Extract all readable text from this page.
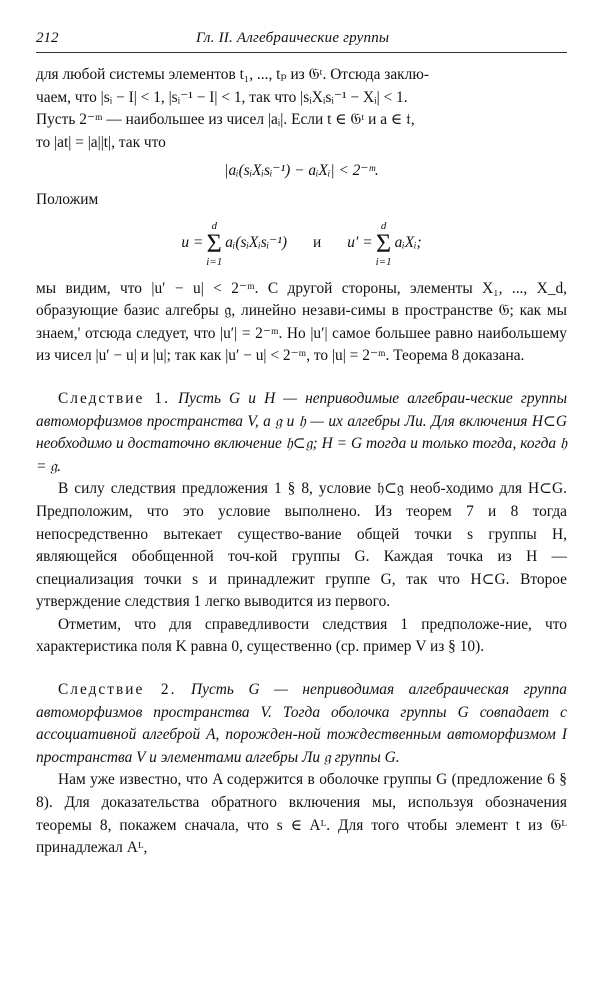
212	Гл. II. Алгебраические группы

для любой системы элементов t₁, ..., tₚ из 𝔊ᵗ. Отсюда заклю-

чаем, что |sᵢ − I| < 1, |sᵢ⁻¹ − I| < 1, так что |sᵢXᵢsᵢ⁻¹ − Xᵢ| < 1.

Пусть 2⁻ᵐ — наибольшее из чисел |aᵢ|. Если t ∈ 𝔊ᵗ и a ∈ 𝔱,

то |at| = |a||t|, так что

|aᵢ(sᵢXᵢsᵢ⁻¹) − aᵢXᵢ| < 2⁻ᵐ.

Положим

u =
d
Σ
i=1
aᵢ(sᵢXᵢsᵢ⁻¹) и u′ =
d
Σ
i=1
aᵢXᵢ;

мы видим, что |u′ − u| < 2⁻ᵐ. С другой стороны, элементы X₁, ..., X_d, образующие базис алгебры 𝔤, линейно незави-симы в пространстве 𝔊; как мы знаем,' отсюда следует, что |u′| = 2⁻ᵐ. Но |u′| самое большее равно наибольшему из чисел |u′ − u| и |u|; так как |u′ − u| < 2⁻ᵐ, то |u| = 2⁻ᵐ. Теорема 8 доказана.

Следствие 1. Пусть G и H — неприводимые алгебраи-ческие группы автоморфизмов пространства V, a 𝔤 и 𝔥 — их алгебры Ли. Для включения H⊂G необходимо и достаточно включение 𝔥⊂𝔤; H = G тогда и только тогда, когда 𝔥 = 𝔤.

В силу следствия предложения 1 § 8, условие 𝔥⊂𝔤 необ-ходимо для H⊂G. Предположим, что это условие выполнено. Из теорем 7 и 8 тогда непосредственно вытекает существо-вание общей точки s группы H, являющейся обобщенной точ-кой группы G. Каждая точка из H — специализация точки s и принадлежит группе G, так что H⊂G. Второе утверждение следствия 1 легко выводится из первого.

Отметим, что для справедливости следствия 1 предположе-ние, что характеристика поля K равна 0, существенно (ср. пример V из § 10).

Следствие 2. Пусть G — неприводимая алгебраическая группа автоморфизмов пространства V. Тогда оболочка группы G совпадает с ассоциативной алгеброй A, порожден-ной тождественным автоморфизмом I пространства V и элементами алгебры Ли 𝔤 группы G.

Нам уже известно, что A содержится в оболочке группы G (предложение 6 § 8). Для доказательства обратного включения мы, используя обозначения теоремы 8, покажем сначала, что s ∈ Aᴸ. Для того чтобы элемент t из 𝔊ᴸ принадлежал Aᴸ,
